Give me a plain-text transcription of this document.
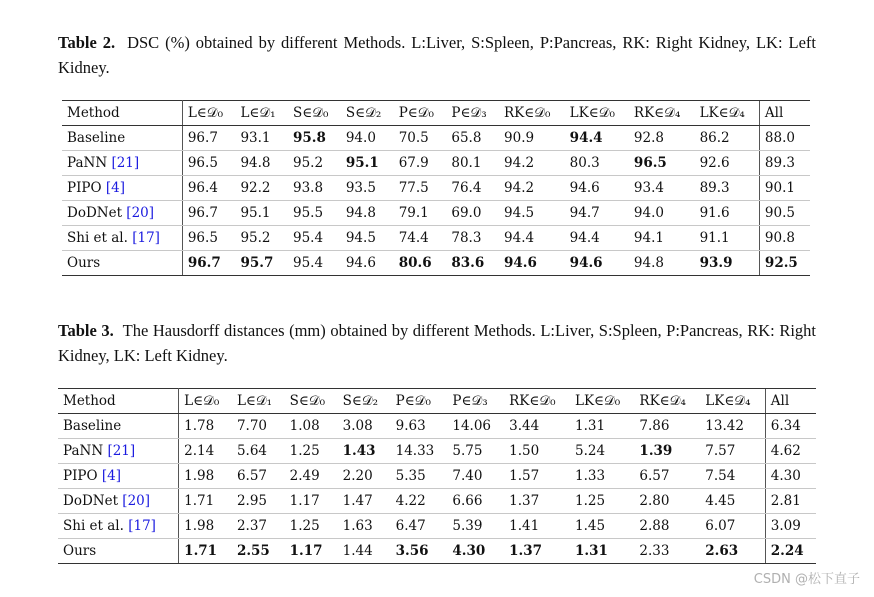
Table 2. DSC (%) obtained by different Methods. L:Liver, S:Spleen, P:Pancreas, RK: Right Kidney, LK: Left Kidney.
Method	L∈𝒟₀	L∈𝒟₁	S∈𝒟₀	S∈𝒟₂	P∈𝒟₀	P∈𝒟₃	RK∈𝒟₀	LK∈𝒟₀	RK∈𝒟₄	LK∈𝒟₄	All
Baseline	96.7	93.1	95.8	94.0	70.5	65.8	90.9	94.4	92.8	86.2	88.0
PaNN [21]	96.5	94.8	95.2	95.1	67.9	80.1	94.2	80.3	96.5	92.6	89.3
PIPO [4]	96.4	92.2	93.8	93.5	77.5	76.4	94.2	94.6	93.4	89.3	90.1
DoDNet [20]	96.7	95.1	95.5	94.8	79.1	69.0	94.5	94.7	94.0	91.6	90.5
Shi et al. [17]	96.5	95.2	95.4	94.5	74.4	78.3	94.4	94.4	94.1	91.1	90.8
Ours	96.7	95.7	95.4	94.6	80.6	83.6	94.6	94.6	94.8	93.9	92.5
Table 3. The Hausdorff distances (mm) obtained by different Methods. L:Liver, S:Spleen, P:Pancreas, RK: Right Kidney, LK: Left Kidney.
Method	L∈𝒟₀	L∈𝒟₁	S∈𝒟₀	S∈𝒟₂	P∈𝒟₀	P∈𝒟₃	RK∈𝒟₀	LK∈𝒟₀	RK∈𝒟₄	LK∈𝒟₄	All
Baseline	1.78	7.70	1.08	3.08	9.63	14.06	3.44	1.31	7.86	13.42	6.34
PaNN [21]	2.14	5.64	1.25	1.43	14.33	5.75	1.50	5.24	1.39	7.57	4.62
PIPO [4]	1.98	6.57	2.49	2.20	5.35	7.40	1.57	1.33	6.57	7.54	4.30
DoDNet [20]	1.71	2.95	1.17	1.47	4.22	6.66	1.37	1.25	2.80	4.45	2.81
Shi et al. [17]	1.98	2.37	1.25	1.63	6.47	5.39	1.41	1.45	2.88	6.07	3.09
Ours	1.71	2.55	1.17	1.44	3.56	4.30	1.37	1.31	2.33	2.63	2.24
CSDN @松下直子
